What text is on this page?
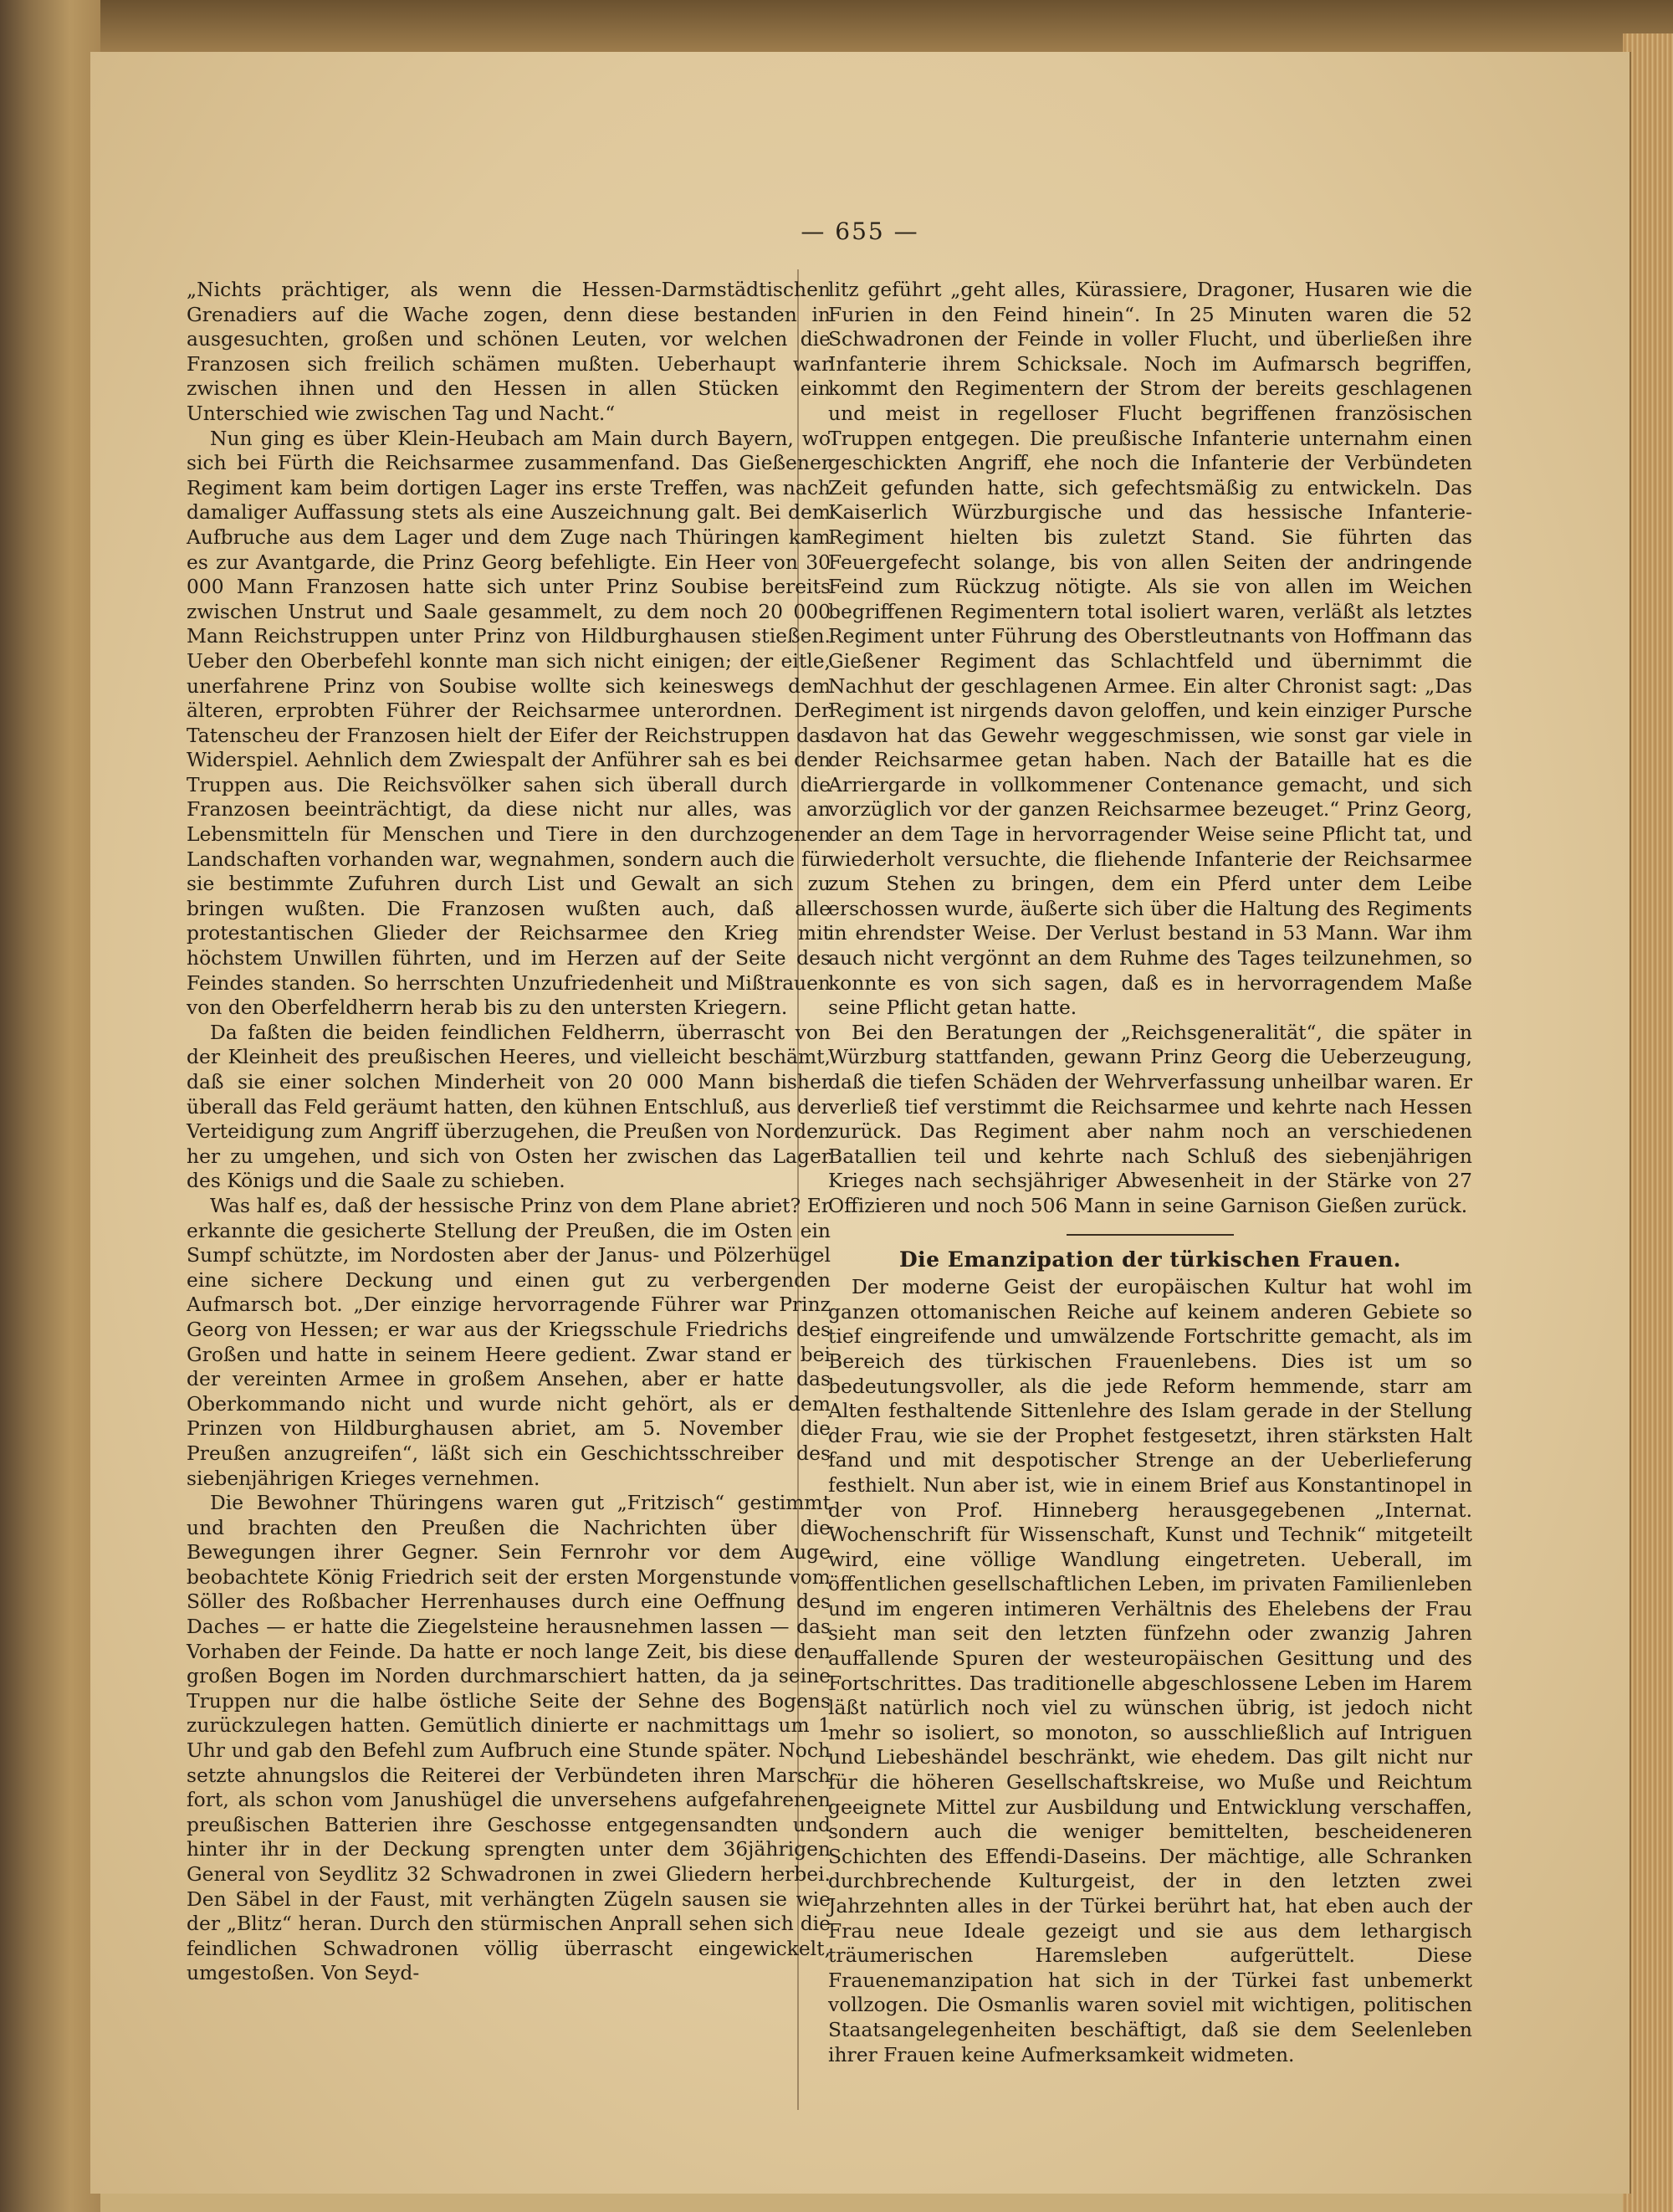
— 655 —

„Nichts prächtiger, als wenn die Hessen-Darmstädtischen Grenadiers auf die Wache zogen, denn diese bestanden in ausgesuchten, großen und schönen Leuten, vor welchen die Franzosen sich freilich schämen mußten. Ueberhaupt war zwischen ihnen und den Hessen in allen Stücken ein Unterschied wie zwischen Tag und Nacht.“

Nun ging es über Klein-Heubach am Main durch Bayern, wo sich bei Fürth die Reichsarmee zusammenfand. Das Gießener Regiment kam beim dortigen Lager ins erste Treffen, was nach damaliger Auffassung stets als eine Auszeichnung galt. Bei dem Aufbruche aus dem Lager und dem Zuge nach Thüringen kam es zur Avantgarde, die Prinz Georg befehligte. Ein Heer von 30 000 Mann Franzosen hatte sich unter Prinz Soubise bereits zwischen Unstrut und Saale gesammelt, zu dem noch 20 000 Mann Reichstruppen unter Prinz von Hildburghausen stießen. Ueber den Oberbefehl konnte man sich nicht einigen; der eitle, unerfahrene Prinz von Soubise wollte sich keineswegs dem älteren, erprobten Führer der Reichsarmee unterordnen. Der Tatenscheu der Franzosen hielt der Eifer der Reichstruppen das Widerspiel. Aehnlich dem Zwiespalt der Anführer sah es bei den Truppen aus. Die Reichsvölker sahen sich überall durch die Franzosen beeinträchtigt, da diese nicht nur alles, was an Lebensmitteln für Menschen und Tiere in den durchzogenen Landschaften vorhanden war, wegnahmen, sondern auch die für sie bestimmte Zufuhren durch List und Gewalt an sich zu bringen wußten. Die Franzosen wußten auch, daß alle protestantischen Glieder der Reichsarmee den Krieg mit höchstem Unwillen führten, und im Herzen auf der Seite des Feindes standen. So herrschten Unzufriedenheit und Mißtrauen von den Oberfeldherrn herab bis zu den untersten Kriegern.

Da faßten die beiden feindlichen Feldherrn, überrascht von der Kleinheit des preußischen Heeres, und vielleicht beschämt, daß sie einer solchen Minderheit von 20 000 Mann bisher überall das Feld geräumt hatten, den kühnen Entschluß, aus der Verteidigung zum Angriff überzugehen, die Preußen von Norden her zu umgehen, und sich von Osten her zwischen das Lager des Königs und die Saale zu schieben.

Was half es, daß der hessische Prinz von dem Plane abriet? Er erkannte die gesicherte Stellung der Preußen, die im Osten ein Sumpf schützte, im Nordosten aber der Janus- und Pölzerhügel eine sichere Deckung und einen gut zu verbergenden Aufmarsch bot. „Der einzige hervorragende Führer war Prinz Georg von Hessen; er war aus der Kriegsschule Friedrichs des Großen und hatte in seinem Heere gedient. Zwar stand er bei der vereinten Armee in großem Ansehen, aber er hatte das Oberkommando nicht und wurde nicht gehört, als er dem Prinzen von Hildburghausen abriet, am 5. November die Preußen anzugreifen“, läßt sich ein Geschichtsschreiber des siebenjährigen Krieges vernehmen.

Die Bewohner Thüringens waren gut „Fritzisch“ gestimmt und brachten den Preußen die Nachrichten über die Bewegungen ihrer Gegner. Sein Fernrohr vor dem Auge beobachtete König Friedrich seit der ersten Morgenstunde vom Söller des Roßbacher Herrenhauses durch eine Oeffnung des Daches — er hatte die Ziegelsteine herausnehmen lassen — das Vorhaben der Feinde. Da hatte er noch lange Zeit, bis diese den großen Bogen im Norden durchmarschiert hatten, da ja seine Truppen nur die halbe östliche Seite der Sehne des Bogens zurückzulegen hatten. Gemütlich dinierte er nachmittags um 1 Uhr und gab den Befehl zum Aufbruch eine Stunde später. Noch setzte ahnungslos die Reiterei der Verbündeten ihren Marsch fort, als schon vom Janushügel die unversehens aufgefahrenen preußischen Batterien ihre Geschosse entgegensandten und hinter ihr in der Deckung sprengten unter dem 36jährigen General von Seydlitz 32 Schwadronen in zwei Gliedern herbei. Den Säbel in der Faust, mit verhängten Zügeln sausen sie wie der „Blitz“ heran. Durch den stürmischen Anprall sehen sich die feindlichen Schwadronen völlig überrascht eingewickelt, umgestoßen. Von Seyd-

litz geführt „geht alles, Kürassiere, Dragoner, Husaren wie die Furien in den Feind hinein“. In 25 Minuten waren die 52 Schwadronen der Feinde in voller Flucht, und überließen ihre Infanterie ihrem Schicksale. Noch im Aufmarsch begriffen, kommt den Regimentern der Strom der bereits geschlagenen und meist in regelloser Flucht begriffenen französischen Truppen entgegen. Die preußische Infanterie unternahm einen geschickten Angriff, ehe noch die Infanterie der Verbündeten Zeit gefunden hatte, sich gefechtsmäßig zu entwickeln. Das Kaiserlich Würzburgische und das hessische Infanterie-Regiment hielten bis zuletzt Stand. Sie führten das Feuergefecht solange, bis von allen Seiten der andringende Feind zum Rückzug nötigte. Als sie von allen im Weichen begriffenen Regimentern total isoliert waren, verläßt als letztes Regiment unter Führung des Oberstleutnants von Hoffmann das Gießener Regiment das Schlachtfeld und übernimmt die Nachhut der geschlagenen Armee. Ein alter Chronist sagt: „Das Regiment ist nirgends davon geloffen, und kein einziger Pursche davon hat das Gewehr weggeschmissen, wie sonst gar viele in der Reichsarmee getan haben. Nach der Bataille hat es die Arriergarde in vollkommener Contenance gemacht, und sich vorzüglich vor der ganzen Reichsarmee bezeuget.“ Prinz Georg, der an dem Tage in hervorragender Weise seine Pflicht tat, und wiederholt versuchte, die fliehende Infanterie der Reichsarmee zum Stehen zu bringen, dem ein Pferd unter dem Leibe erschossen wurde, äußerte sich über die Haltung des Regiments in ehrendster Weise. Der Verlust bestand in 53 Mann. War ihm auch nicht vergönnt an dem Ruhme des Tages teilzunehmen, so konnte es von sich sagen, daß es in hervorragendem Maße seine Pflicht getan hatte.

Bei den Beratungen der „Reichsgeneralität“, die später in Würzburg stattfanden, gewann Prinz Georg die Ueberzeugung, daß die tiefen Schäden der Wehrverfassung unheilbar waren. Er verließ tief verstimmt die Reichsarmee und kehrte nach Hessen zurück. Das Regiment aber nahm noch an verschiedenen Batallien teil und kehrte nach Schluß des siebenjährigen Krieges nach sechsjähriger Abwesenheit in der Stärke von 27 Offizieren und noch 506 Mann in seine Garnison Gießen zurück.

Die Emanzipation der türkischen Frauen.

Der moderne Geist der europäischen Kultur hat wohl im ganzen ottomanischen Reiche auf keinem anderen Gebiete so tief eingreifende und umwälzende Fortschritte gemacht, als im Bereich des türkischen Frauenlebens. Dies ist um so bedeutungsvoller, als die jede Reform hemmende, starr am Alten festhaltende Sittenlehre des Islam gerade in der Stellung der Frau, wie sie der Prophet festgesetzt, ihren stärksten Halt fand und mit despotischer Strenge an der Ueberlieferung festhielt. Nun aber ist, wie in einem Brief aus Konstantinopel in der von Prof. Hinneberg herausgegebenen „Internat. Wochenschrift für Wissenschaft, Kunst und Technik“ mitgeteilt wird, eine völlige Wandlung eingetreten. Ueberall, im öffentlichen gesellschaftlichen Leben, im privaten Familienleben und im engeren intimeren Verhältnis des Ehelebens der Frau sieht man seit den letzten fünfzehn oder zwanzig Jahren auffallende Spuren der westeuropäischen Gesittung und des Fortschrittes. Das traditionelle abgeschlossene Leben im Harem läßt natürlich noch viel zu wünschen übrig, ist jedoch nicht mehr so isoliert, so monoton, so ausschließlich auf Intriguen und Liebeshändel beschränkt, wie ehedem. Das gilt nicht nur für die höheren Gesellschaftskreise, wo Muße und Reichtum geeignete Mittel zur Ausbildung und Entwicklung verschaffen, sondern auch die weniger bemittelten, bescheideneren Schichten des Effendi-Daseins. Der mächtige, alle Schranken durchbrechende Kulturgeist, der in den letzten zwei Jahrzehnten alles in der Türkei berührt hat, hat eben auch der Frau neue Ideale gezeigt und sie aus dem lethargisch träumerischen Haremsleben aufgerüttelt. Diese Frauenemanzipation hat sich in der Türkei fast unbemerkt vollzogen. Die Osmanlis waren soviel mit wichtigen, politischen Staatsangelegenheiten beschäftigt, daß sie dem Seelenleben ihrer Frauen keine Aufmerksamkeit widmeten.
